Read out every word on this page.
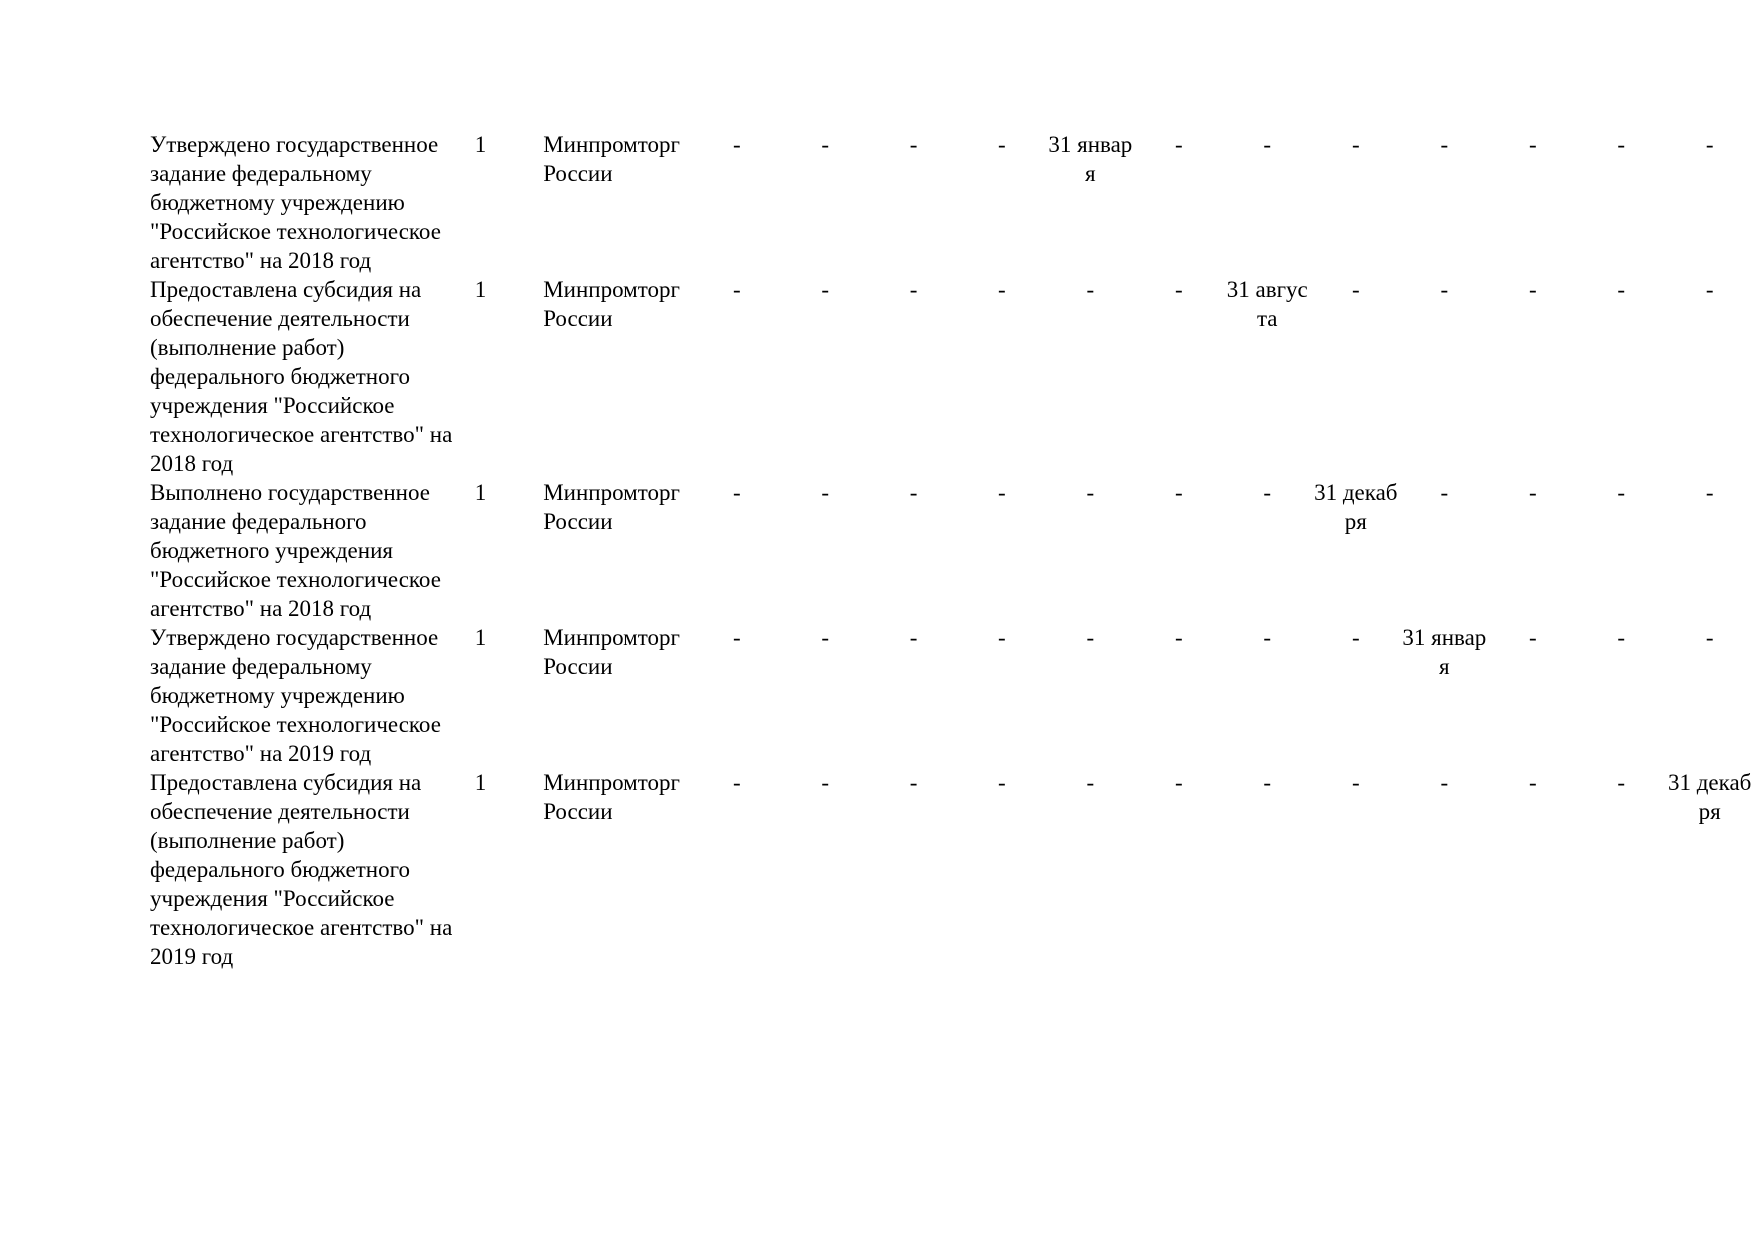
Утверждено государственное задание федеральному бюджетному учреждению "Российское технологическое агентство" на 2018 год	1	Минпромторг России	-	-	-	-	31 января	-	-	-	-	-	-	-
Предоставлена субсидия на обеспечение деятельности (выполнение работ) федерального бюджетного учреждения "Российское технологическое агентство" на 2018 год	1	Минпромторг России	-	-	-	-	-	-	31 августа	-	-	-	-	-
Выполнено государственное задание федерального бюджетного учреждения "Российское технологическое агентство" на 2018 год	1	Минпромторг России	-	-	-	-	-	-	-	31 декабря	-	-	-	-
Утверждено государственное задание федеральному бюджетному учреждению "Российское технологическое агентство" на 2019 год	1	Минпромторг России	-	-	-	-	-	-	-	-	31 января	-	-	-
Предоставлена субсидия на обеспечение деятельности (выполнение работ) федерального бюджетного учреждения "Российское технологическое агентство" на 2019 год	1	Минпромторг России	-	-	-	-	-	-	-	-	-	-	-	31 декабря
